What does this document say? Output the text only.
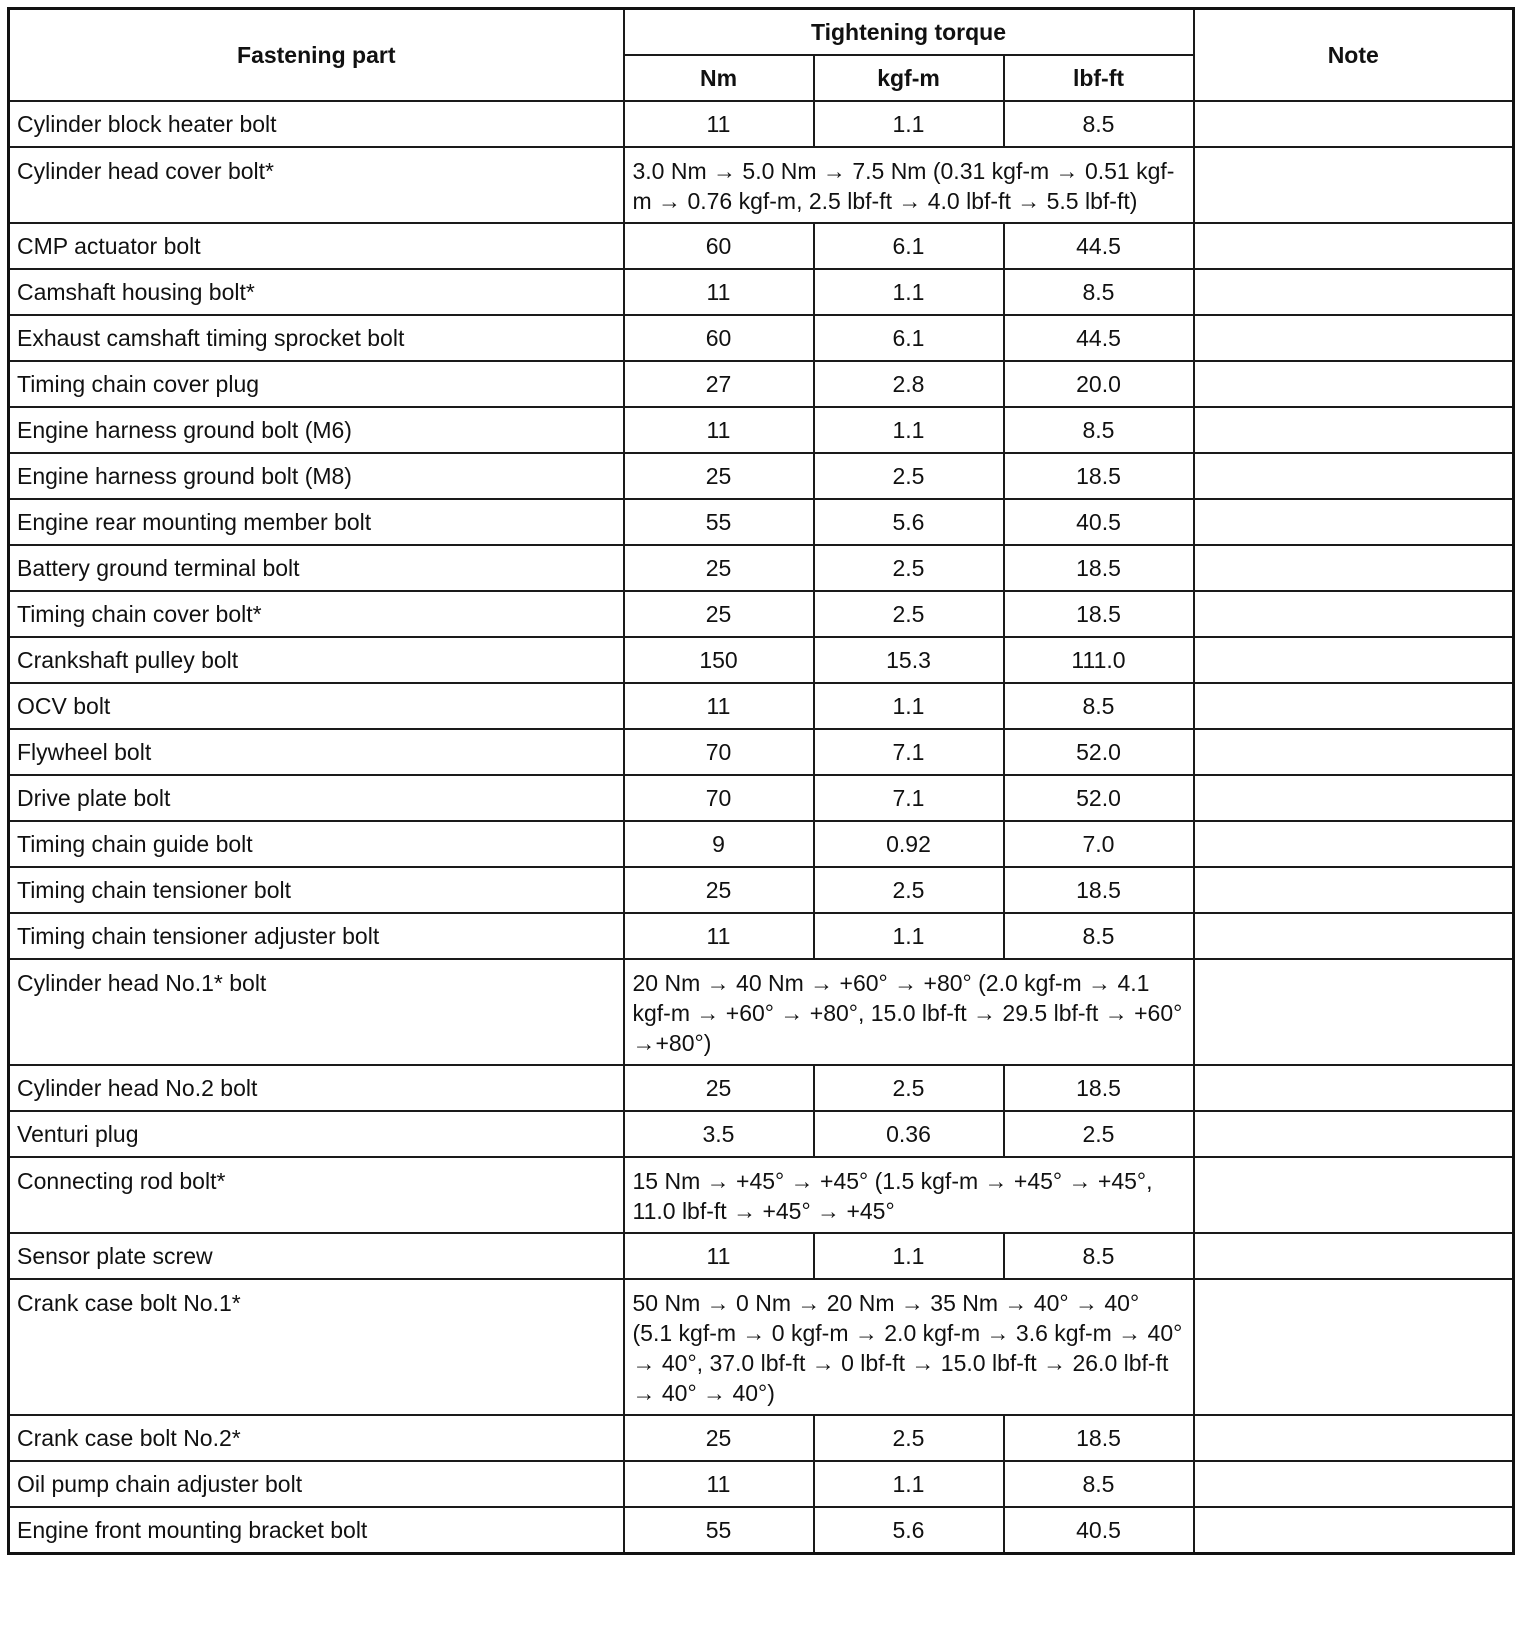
Fastening part	Tightening torque			Note
	Nm	kgf-m	lbf-ft	
Cylinder block heater bolt	11	1.1	8.5	
Cylinder head cover bolt*	3.0 Nm → 5.0 Nm → 7.5 Nm (0.31 kgf-m → 0.51 kgf-m → 0.76 kgf-m, 2.5 lbf-ft → 4.0 lbf-ft → 5.5 lbf-ft)			
CMP actuator bolt	60	6.1	44.5	
Camshaft housing bolt*	11	1.1	8.5	
Exhaust camshaft timing sprocket bolt	60	6.1	44.5	
Timing chain cover plug	27	2.8	20.0	
Engine harness ground bolt (M6)	11	1.1	8.5	
Engine harness ground bolt (M8)	25	2.5	18.5	
Engine rear mounting member bolt	55	5.6	40.5	
Battery ground terminal bolt	25	2.5	18.5	
Timing chain cover bolt*	25	2.5	18.5	
Crankshaft pulley bolt	150	15.3	111.0	
OCV bolt	11	1.1	8.5	
Flywheel bolt	70	7.1	52.0	
Drive plate bolt	70	7.1	52.0	
Timing chain guide bolt	9	0.92	7.0	
Timing chain tensioner bolt	25	2.5	18.5	
Timing chain tensioner adjuster bolt	11	1.1	8.5	
Cylinder head No.1* bolt	20 Nm → 40 Nm → +60° → +80° (2.0 kgf-m → 4.1 kgf-m → +60° → +80°, 15.0 lbf-ft → 29.5 lbf-ft → +60° →+80°)			
Cylinder head No.2 bolt	25	2.5	18.5	
Venturi plug	3.5	0.36	2.5	
Connecting rod bolt*	15 Nm → +45° → +45° (1.5 kgf-m → +45° → +45°, 11.0 lbf-ft → +45° → +45°			
Sensor plate screw	11	1.1	8.5	
Crank case bolt No.1*	50 Nm → 0 Nm → 20 Nm → 35 Nm → 40° → 40° (5.1 kgf-m → 0 kgf-m → 2.0 kgf-m → 3.6 kgf-m → 40° → 40°, 37.0 lbf-ft → 0 lbf-ft → 15.0 lbf-ft → 26.0 lbf-ft → 40° → 40°)			
Crank case bolt No.2*	25	2.5	18.5	
Oil pump chain adjuster bolt	11	1.1	8.5	
Engine front mounting bracket bolt	55	5.6	40.5	
